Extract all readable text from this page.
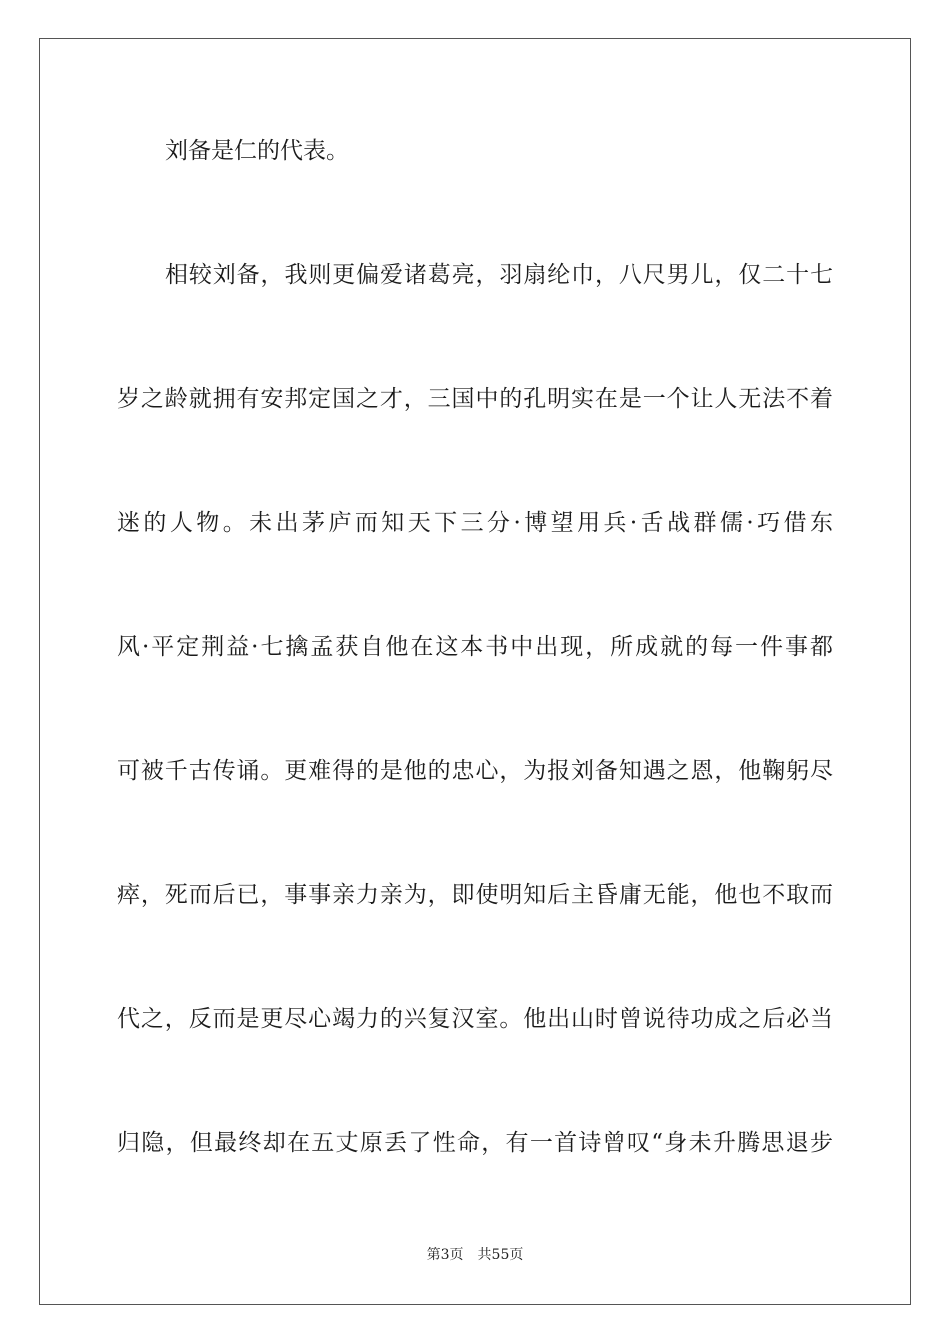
刘备是仁的代表。
相较刘备，我则更偏爱诸葛亮，羽扇纶巾，八尺男儿，仅二十七
岁之龄就拥有安邦定国之才，三国中的孔明实在是一个让人无法不着
迷的人物。未出茅庐而知天下三分·博望用兵·舌战群儒·巧借东
风·平定荆益·七擒孟获自他在这本书中出现，所成就的每一件事都
可被千古传诵。更难得的是他的忠心，为报刘备知遇之恩，他鞠躬尽
瘁，死而后已，事事亲力亲为，即使明知后主昏庸无能，他也不取而
代之，反而是更尽心竭力的兴复汉室。他出山时曾说待功成之后必当
归隐，但最终却在五丈原丢了性命，有一首诗曾叹“身未升腾思退步
第3页 共55页
